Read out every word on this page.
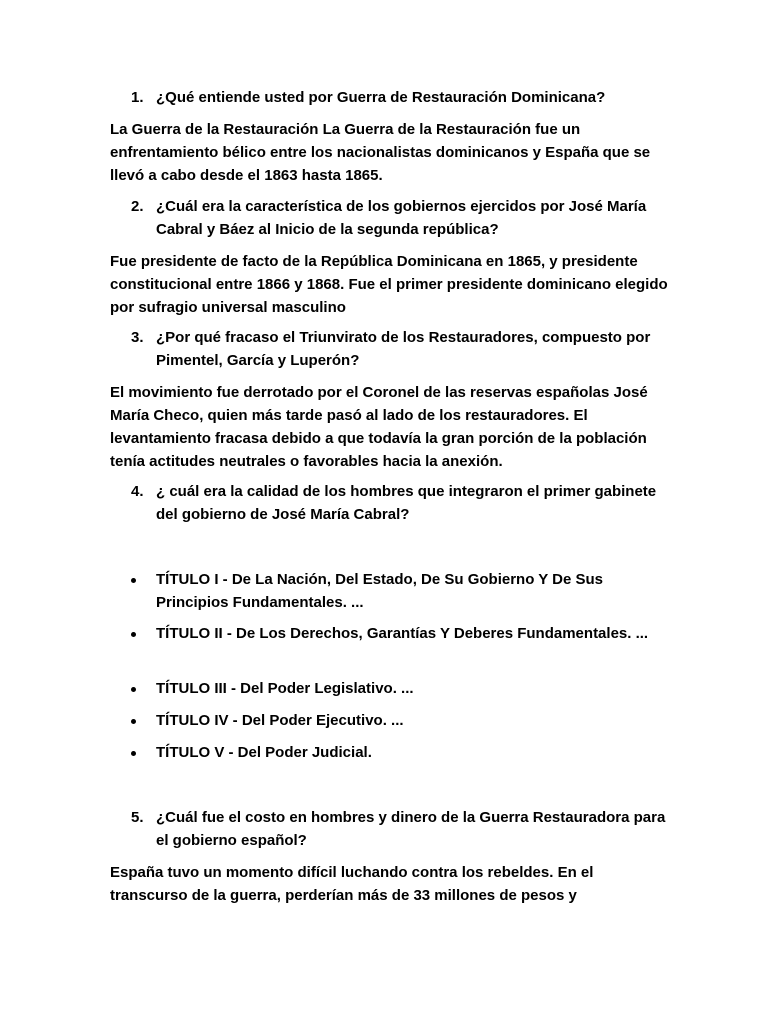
1. ¿Qué entiende usted por Guerra de Restauración Dominicana?

La Guerra de la Restauración La Guerra de la Restauración fue un enfrentamiento bélico entre los nacionalistas dominicanos y España que se llevó a cabo desde el 1863 hasta 1865.

2. ¿Cuál era la característica de los gobiernos ejercidos por José María Cabral y Báez al Inicio de la segunda república?

Fue presidente de facto de la República Dominicana en 1865, y presidente constitucional entre 1866 y 1868. Fue el primer presidente dominicano elegido por sufragio universal masculino

3. ¿Por qué fracaso el Triunvirato de los Restauradores, compuesto por Pimentel, García y Luperón?

El movimiento fue derrotado por el Coronel de las reservas españolas José María Checo, quien más tarde pasó al lado de los restauradores. El levantamiento fracasa debido a que todavía la gran porción de la población tenía actitudes neutrales o favorables hacia la anexión.

4. ¿ cuál era la calidad de los hombres que integraron el primer gabinete del gobierno de José María Cabral?
TÍTULO I - De La Nación, Del Estado, De Su Gobierno Y De Sus Principios Fundamentales. ...
TÍTULO II - De Los Derechos, Garantías Y Deberes Fundamentales. ...
TÍTULO III - Del Poder Legislativo. ...
TÍTULO IV - Del Poder Ejecutivo. ...
TÍTULO V - Del Poder Judicial.
5. ¿Cuál fue el costo en hombres y dinero de la Guerra Restauradora para el gobierno español?

España tuvo un momento difícil luchando contra los rebeldes. En el transcurso de la guerra, perderían más de 33 millones de pesos y
